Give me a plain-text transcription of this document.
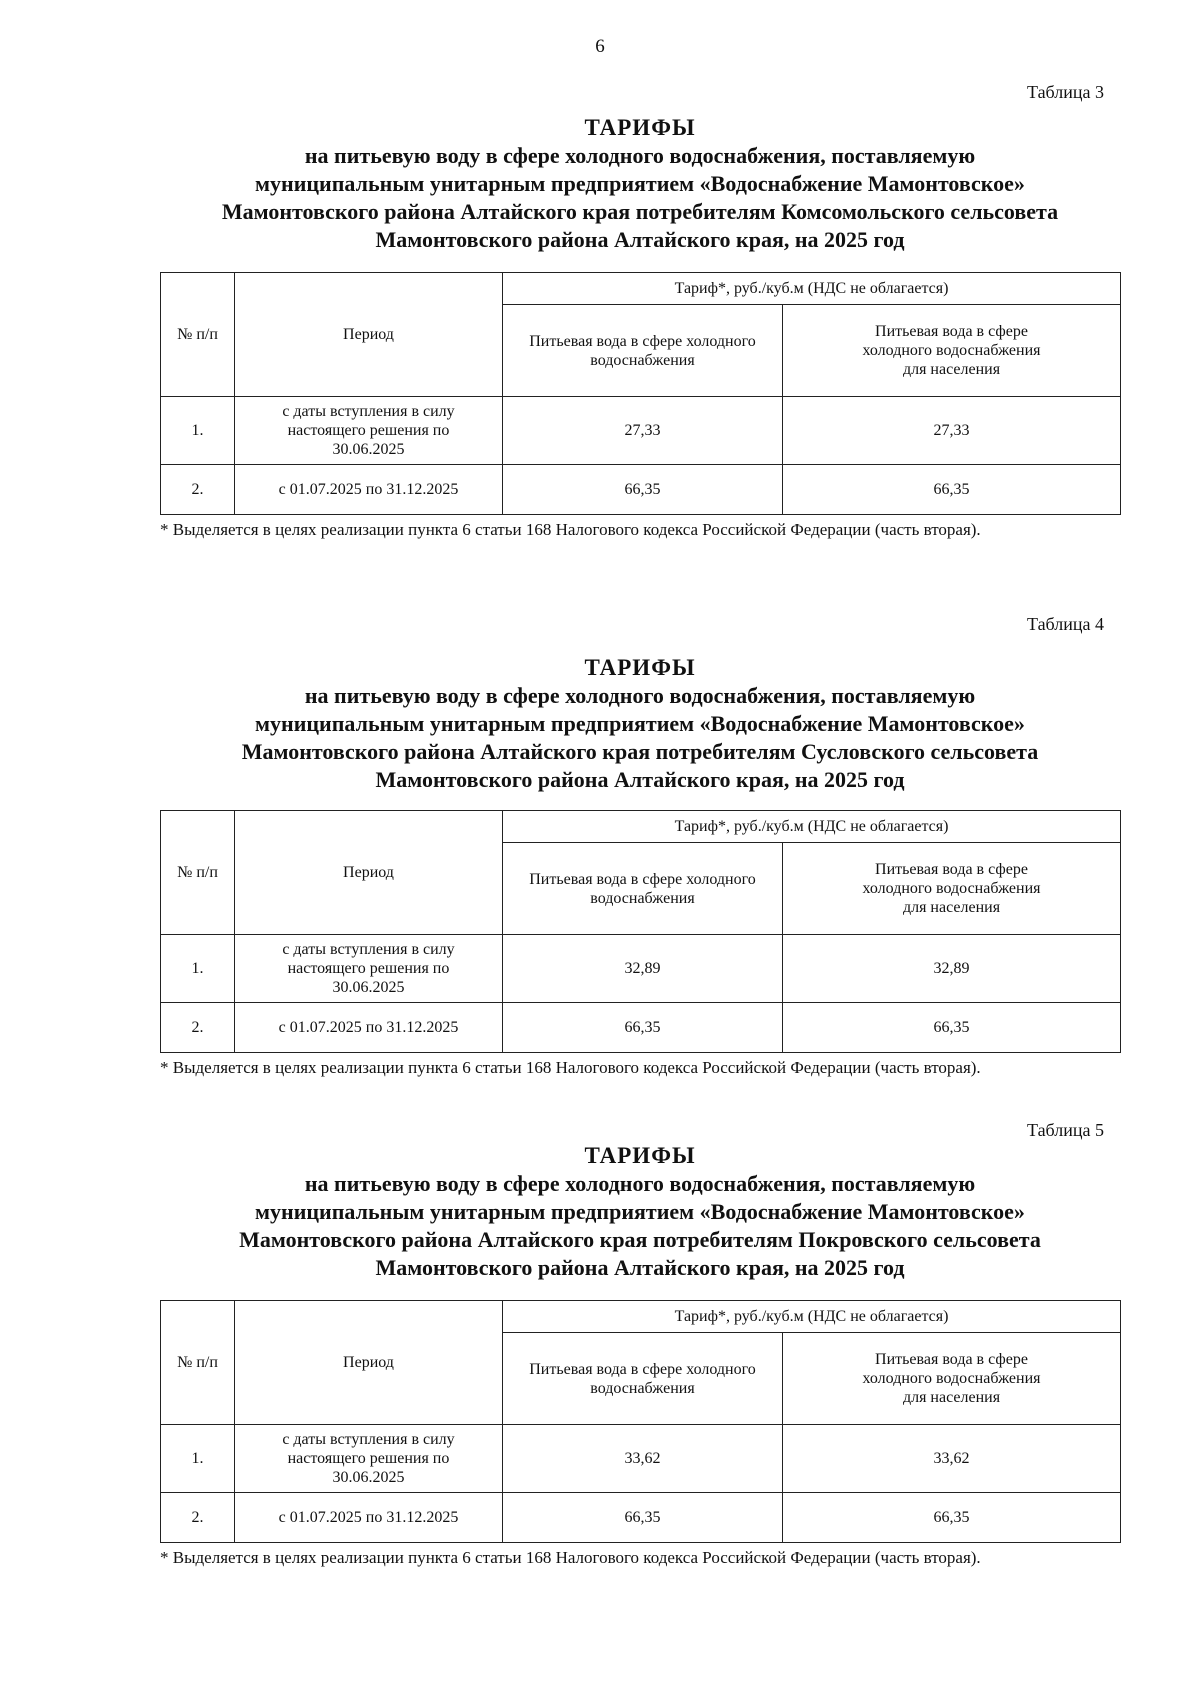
6
Таблица 3
ТАРИФЫ
на питьевую воду в сфере холодного водоснабжения, поставляемую
муниципальным унитарным предприятием «Водоснабжение Мамонтовское»
Мамонтовского района Алтайского края потребителям Комсомольского сельсовета
Мамонтовского района Алтайского края, на 2025 год
№ п/п	Период	Тариф*, руб./куб.м (НДС не облагается)	
		Питьевая вода в сфере холодного водоснабжения	Питьевая вода в сфере
холодного водоснабжения
для населения
1.	с даты вступления в силу
настоящего решения по
30.06.2025	27,33	27,33
2.	с 01.07.2025 по 31.12.2025	66,35	66,35
* Выделяется в целях реализации пункта 6 статьи 168 Налогового кодекса Российской Федерации (часть вторая).
Таблица 4
ТАРИФЫ
на питьевую воду в сфере холодного водоснабжения, поставляемую
муниципальным унитарным предприятием «Водоснабжение Мамонтовское»
Мамонтовского района Алтайского края потребителям Сусловского сельсовета
Мамонтовского района Алтайского края, на 2025 год
№ п/п	Период	Тариф*, руб./куб.м (НДС не облагается)	
		Питьевая вода в сфере холодного водоснабжения	Питьевая вода в сфере
холодного водоснабжения
для населения
1.	с даты вступления в силу
настоящего решения по
30.06.2025	32,89	32,89
2.	с 01.07.2025 по 31.12.2025	66,35	66,35
* Выделяется в целях реализации пункта 6 статьи 168 Налогового кодекса Российской Федерации (часть вторая).
Таблица 5
ТАРИФЫ
на питьевую воду в сфере холодного водоснабжения, поставляемую
муниципальным унитарным предприятием «Водоснабжение Мамонтовское»
Мамонтовского района Алтайского края потребителям Покровского сельсовета
Мамонтовского района Алтайского края, на 2025 год
№ п/п	Период	Тариф*, руб./куб.м (НДС не облагается)	
		Питьевая вода в сфере холодного водоснабжения	Питьевая вода в сфере
холодного водоснабжения
для населения
1.	с даты вступления в силу
настоящего решения по
30.06.2025	33,62	33,62
2.	с 01.07.2025 по 31.12.2025	66,35	66,35
* Выделяется в целях реализации пункта 6 статьи 168 Налогового кодекса Российской Федерации (часть вторая).
